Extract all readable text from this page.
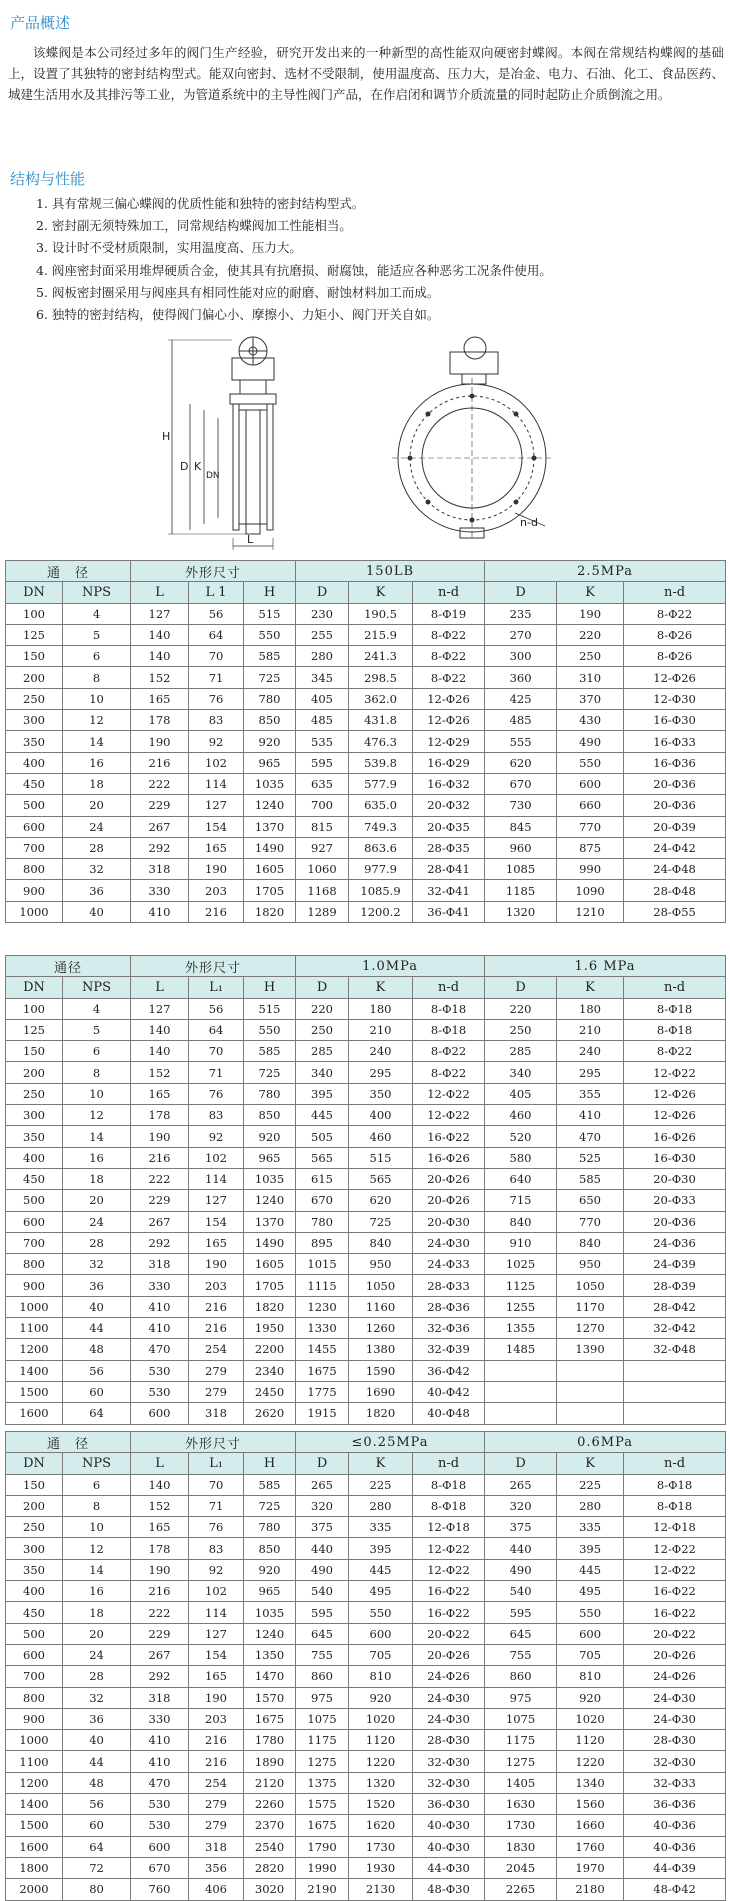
产品概述

该蝶阀是本公司经过多年的阀门生产经验，研究开发出来的一种新型的高性能双向硬密封蝶阀。本阀在常规结构蝶阀的基础上，设置了其独特的密封结构型式。能双向密封、选材不受限制，使用温度高、压力大，是冶金、电力、石油、化工、食品医药、城建生活用水及其排污等工业，为管道系统中的主导性阀门产品，在作启闭和调节介质流量的同时起防止介质倒流之用。

结构与性能
1. 具有常规三偏心蝶阀的优质性能和独特的密封结构型式。
2. 密封副无须特殊加工，同常规结构蝶阀加工性能相当。
3. 设计时不受材质限制，实用温度高、压力大。
4. 阀座密封面采用堆焊硬质合金，使其具有抗磨损、耐腐蚀，能适应各种恶劣工况条件使用。
5. 阀板密封圈采用与阀座具有相同性能对应的耐磨、耐蚀材料加工而成。
6. 独特的密封结构，使得阀门偏心小、摩擦小、力矩小、阀门开关自如。
H
D K
DN
L
n-d
通　径		外形尺寸			150LB			2.5MPa		
DN	NPS	L	L 1	H	D	K	n-d	D	K	n-d
100	4	127	56	515	230	190.5	8-Φ19	235	190	8-Φ22
125	5	140	64	550	255	215.9	8-Φ22	270	220	8-Φ26
150	6	140	70	585	280	241.3	8-Φ22	300	250	8-Φ26
200	8	152	71	725	345	298.5	8-Φ22	360	310	12-Φ26
250	10	165	76	780	405	362.0	12-Φ26	425	370	12-Φ30
300	12	178	83	850	485	431.8	12-Φ26	485	430	16-Φ30
350	14	190	92	920	535	476.3	12-Φ29	555	490	16-Φ33
400	16	216	102	965	595	539.8	16-Φ29	620	550	16-Φ36
450	18	222	114	1035	635	577.9	16-Φ32	670	600	20-Φ36
500	20	229	127	1240	700	635.0	20-Φ32	730	660	20-Φ36
600	24	267	154	1370	815	749.3	20-Φ35	845	770	20-Φ39
700	28	292	165	1490	927	863.6	28-Φ35	960	875	24-Φ42
800	32	318	190	1605	1060	977.9	28-Φ41	1085	990	24-Φ48
900	36	330	203	1705	1168	1085.9	32-Φ41	1185	1090	28-Φ48
1000	40	410	216	1820	1289	1200.2	36-Φ41	1320	1210	28-Φ55
通径		外形尺寸			1.0MPa			1.6 MPa		
DN	NPS	L	L₁	H	D	K	n-d	D	K	n-d
100	4	127	56	515	220	180	8-Φ18	220	180	8-Φ18
125	5	140	64	550	250	210	8-Φ18	250	210	8-Φ18
150	6	140	70	585	285	240	8-Φ22	285	240	8-Φ22
200	8	152	71	725	340	295	8-Φ22	340	295	12-Φ22
250	10	165	76	780	395	350	12-Φ22	405	355	12-Φ26
300	12	178	83	850	445	400	12-Φ22	460	410	12-Φ26
350	14	190	92	920	505	460	16-Φ22	520	470	16-Φ26
400	16	216	102	965	565	515	16-Φ26	580	525	16-Φ30
450	18	222	114	1035	615	565	20-Φ26	640	585	20-Φ30
500	20	229	127	1240	670	620	20-Φ26	715	650	20-Φ33
600	24	267	154	1370	780	725	20-Φ30	840	770	20-Φ36
700	28	292	165	1490	895	840	24-Φ30	910	840	24-Φ36
800	32	318	190	1605	1015	950	24-Φ33	1025	950	24-Φ39
900	36	330	203	1705	1115	1050	28-Φ33	1125	1050	28-Φ39
1000	40	410	216	1820	1230	1160	28-Φ36	1255	1170	28-Φ42
1100	44	410	216	1950	1330	1260	32-Φ36	1355	1270	32-Φ42
1200	48	470	254	2200	1455	1380	32-Φ39	1485	1390	32-Φ48
1400	56	530	279	2340	1675	1590	36-Φ42			
1500	60	530	279	2450	1775	1690	40-Φ42			
1600	64	600	318	2620	1915	1820	40-Φ48			
通　径		外形尺寸			≤0.25MPa			0.6MPa		
DN	NPS	L	L₁	H	D	K	n-d	D	K	n-d
150	6	140	70	585	265	225	8-Φ18	265	225	8-Φ18
200	8	152	71	725	320	280	8-Φ18	320	280	8-Φ18
250	10	165	76	780	375	335	12-Φ18	375	335	12-Φ18
300	12	178	83	850	440	395	12-Φ22	440	395	12-Φ22
350	14	190	92	920	490	445	12-Φ22	490	445	12-Φ22
400	16	216	102	965	540	495	16-Φ22	540	495	16-Φ22
450	18	222	114	1035	595	550	16-Φ22	595	550	16-Φ22
500	20	229	127	1240	645	600	20-Φ22	645	600	20-Φ22
600	24	267	154	1350	755	705	20-Φ26	755	705	20-Φ26
700	28	292	165	1470	860	810	24-Φ26	860	810	24-Φ26
800	32	318	190	1570	975	920	24-Φ30	975	920	24-Φ30
900	36	330	203	1675	1075	1020	24-Φ30	1075	1020	24-Φ30
1000	40	410	216	1780	1175	1120	28-Φ30	1175	1120	28-Φ30
1100	44	410	216	1890	1275	1220	32-Φ30	1275	1220	32-Φ30
1200	48	470	254	2120	1375	1320	32-Φ30	1405	1340	32-Φ33
1400	56	530	279	2260	1575	1520	36-Φ30	1630	1560	36-Φ36
1500	60	530	279	2370	1675	1620	40-Φ30	1730	1660	40-Φ36
1600	64	600	318	2540	1790	1730	40-Φ30	1830	1760	40-Φ36
1800	72	670	356	2820	1990	1930	44-Φ30	2045	1970	44-Φ39
2000	80	760	406	3020	2190	2130	48-Φ30	2265	2180	48-Φ42
